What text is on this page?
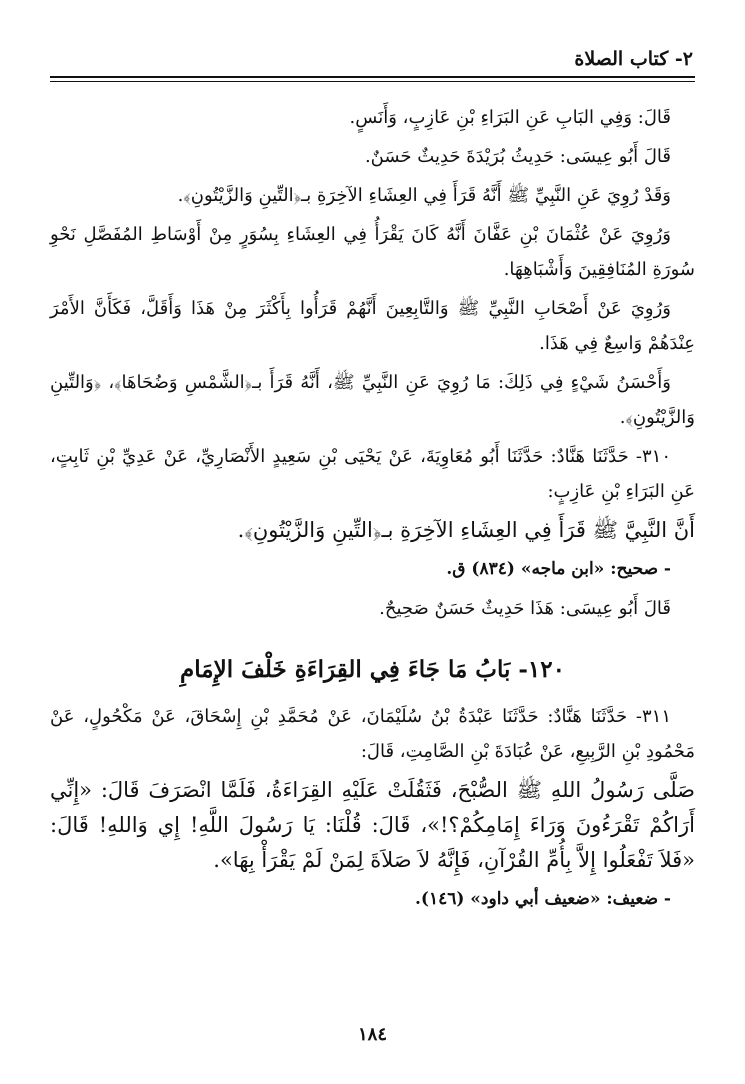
٢- كتاب الصلاة

قَالَ: وَفِي البَابِ عَنِ البَرَاءِ بْنِ عَازِبٍ، وَأَنَسٍ.

قَالَ أَبُو عِيسَى: حَدِيثُ بُرَيْدَةَ حَدِيثٌ حَسَنٌ.

وَقَدْ رُوِيَ عَنِ النَّبِيِّ ﷺ أَنَّهُ قَرَأَ فِي العِشَاءِ الآخِرَةِ بـ﴿التِّينِ وَالزَّيْتُونِ﴾.

وَرُوِيَ عَنْ عُثْمَانَ بْنِ عَفَّانَ أَنَّهُ كَانَ يَقْرَأُ فِي العِشَاءِ بِسُوَرٍ مِنْ أَوْسَاطِ المُفَصَّلِ نَحْوِ سُورَةِ المُنَافِقِينَ وَأَشْبَاهِهَا.

وَرُوِيَ عَنْ أَصْحَابِ النَّبِيِّ ﷺ وَالتَّابِعِينَ أَنَّهُمْ قَرَأُوا بِأَكْثَرَ مِنْ هَذَا وَأَقَلَّ، فَكَأَنَّ الأَمْرَ عِنْدَهُمْ وَاسِعٌ فِي هَذَا.

وَأَحْسَنُ شَيْءٍ فِي ذَلِكَ: مَا رُوِيَ عَنِ النَّبِيِّ ﷺ، أَنَّهُ قَرَأَ بـ﴿الشَّمْسِ وَضُحَاهَا﴾، ﴿وَالتِّينِ وَالزَّيْتُونِ﴾.

٣١٠- حَدَّثَنَا هَنَّادٌ: حَدَّثَنَا أَبُو مُعَاوِيَةَ، عَنْ يَحْيَى بْنِ سَعِيدٍ الأَنْصَارِيِّ، عَنْ عَدِيِّ بْنِ ثَابِتٍ، عَنِ البَرَاءِ بْنِ عَازِبٍ:

أَنَّ النَّبِيَّ ﷺ قَرَأَ فِي العِشَاءِ الآخِرَةِ بـ﴿التِّينِ وَالزَّيْتُونِ﴾.

- صحيح: «ابن ماجه» (٨٣٤) ق.

قَالَ أَبُو عِيسَى: هَذَا حَدِيثٌ حَسَنٌ صَحِيحٌ.

١٢٠- بَابُ مَا جَاءَ فِي القِرَاءَةِ خَلْفَ الإِمَامِ

٣١١- حَدَّثَنَا هَنَّادٌ: حَدَّثَنَا عَبْدَةُ بْنُ سُلَيْمَانَ، عَنْ مُحَمَّدِ بْنِ إِسْحَاقَ، عَنْ مَكْحُولٍ، عَنْ مَحْمُودِ بْنِ الرَّبِيعِ، عَنْ عُبَادَةَ بْنِ الصَّامِتِ، قَالَ:

صَلَّى رَسُولُ اللهِ ﷺ الصُّبْحَ، فَثَقُلَتْ عَلَيْهِ القِرَاءَةُ، فَلَمَّا انْصَرَفَ قَالَ: «إِنِّي أَرَاكُمْ تَقْرَءُونَ وَرَاءَ إِمَامِكُمْ؟!»، قَالَ: قُلْنَا: يَا رَسُولَ اللَّهِ! إِي وَاللهِ! قَالَ: «فَلاَ تَفْعَلُوا إِلاَّ بِأُمِّ القُرْآنِ، فَإِنَّهُ لاَ صَلاَةَ لِمَنْ لَمْ يَقْرَأْ بِهَا».

- ضعيف: «ضعيف أبي داود» (١٤٦).

١٨٤
